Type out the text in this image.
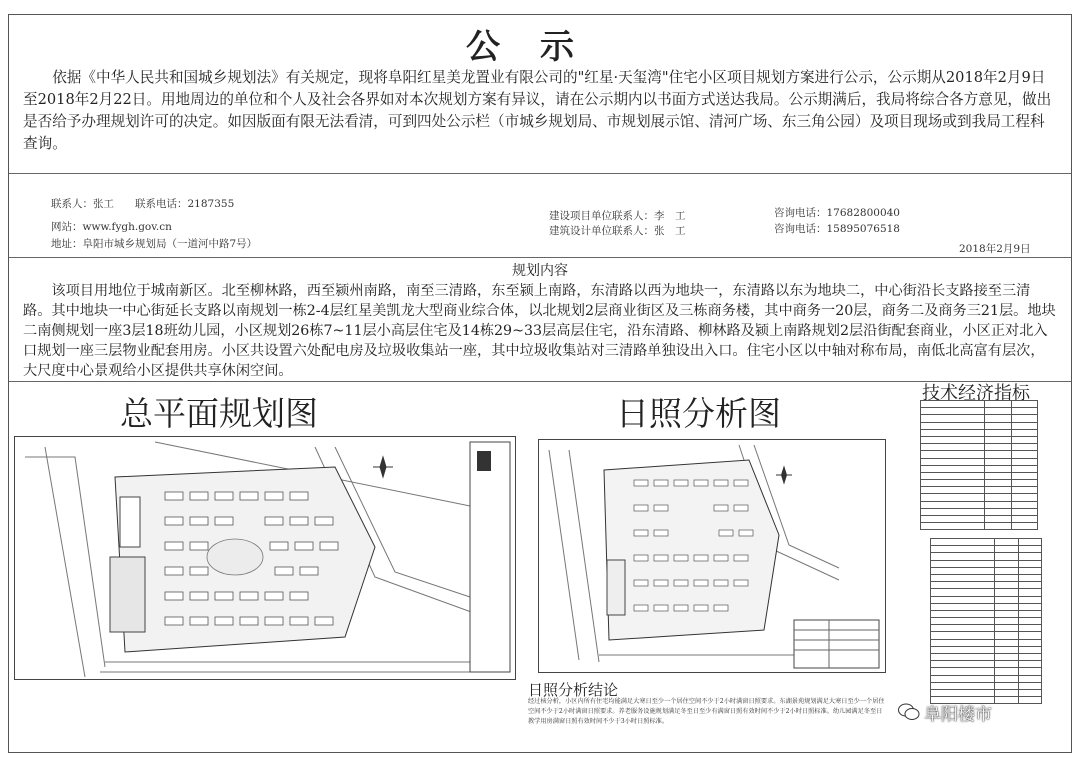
公示
依据《中华人民共和国城乡规划法》有关规定，现将阜阳红星美龙置业有限公司的"红星·天玺湾"住宅小区项目规划方案进行公示，公示期从2018年2月9日至2018年2月22日。用地周边的单位和个人及社会各界如对本次规划方案有异议，请在公示期内以书面方式送达我局。公示期满后，我局将综合各方意见，做出是否给予办理规划许可的决定。如因版面有限无法看清，可到四处公示栏（市城乡规划局、市规划展示馆、清河广场、东三角公园）及项目现场或到我局工程科查询。
联系人：张工　　联系电话：2187355
网站：www.fygh.gov.cn
地址：阜阳市城乡规划局（一道河中路7号）
建设项目单位联系人：李　工
建筑设计单位联系人：张　工
咨询电话：17682800040
咨询电话：15895076518
2018年2月9日
规划内容
该项目用地位于城南新区。北至柳林路，西至颍州南路，南至三清路，东至颍上南路，东清路以西为地块一，东清路以东为地块二，中心街沿长支路接至三清路。其中地块一中心街延长支路以南规划一栋2-4层红星美凯龙大型商业综合体，以北规划2层商业街区及三栋商务楼，其中商务一20层，商务二及商务三21层。地块二南侧规划一座3层18班幼儿园，小区规划26栋7~11层小高层住宅及14栋29~33层高层住宅，沿东清路、柳林路及颍上南路规划2层沿街配套商业，小区正对北入口规划一座三层物业配套用房。小区共设置六处配电房及垃圾收集站一座，其中垃圾收集站对三清路单独设出入口。住宅小区以中轴对称布局，南低北高富有层次，大尺度中心景观给小区提供共享休闲空间。
总平面规划图	日照分析图
技术经济指标

日照分析结论
经过核分析，小区内所有住宅均能满足大寒日至少一个居住空间不少于2小时满窗日照要求。东湖景苑规划满足大寒日至少一个居住空间不少于2小时满窗日照要求。养老服务设施规划满足冬至日至少有满窗日照有效时间不少于2小时日照标准。幼儿园满足冬至日教学用房满窗日照有效时间不少于3小时日照标准。	阜阳楼市
